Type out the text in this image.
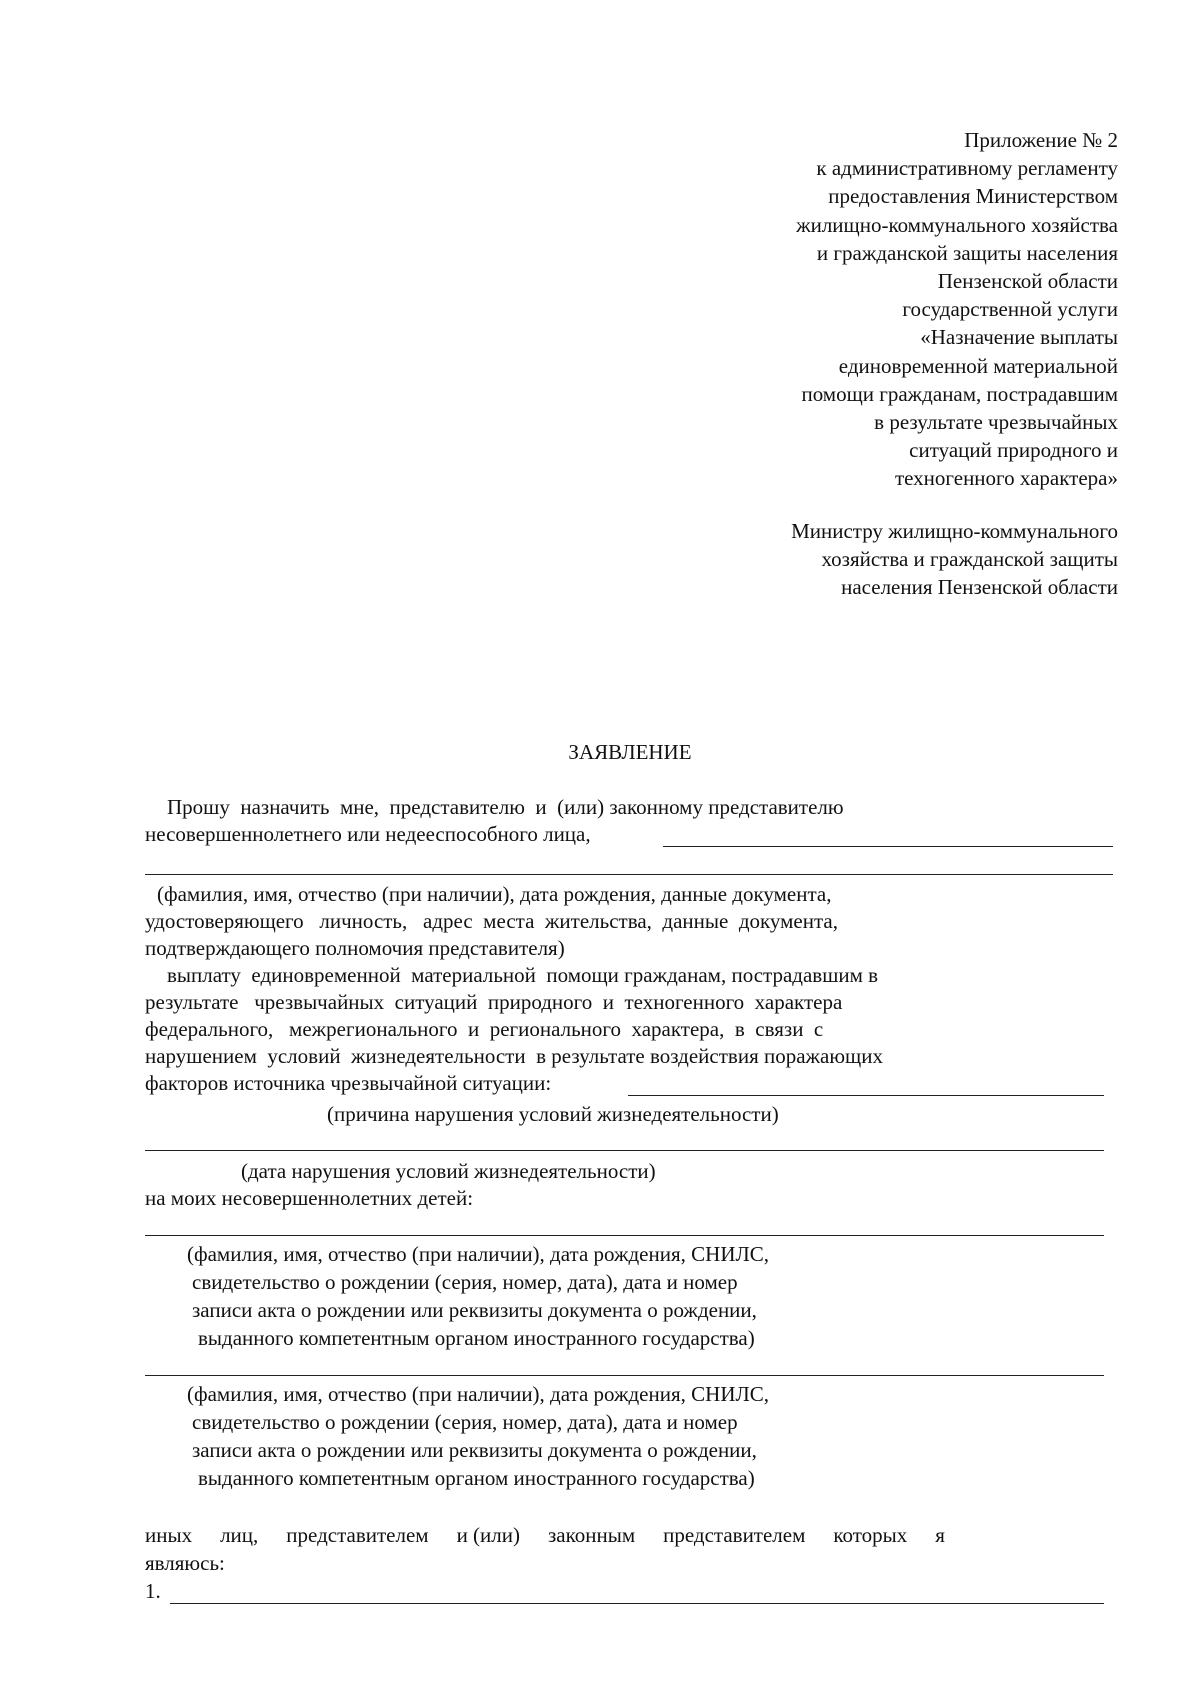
Приложение № 2
к административному регламенту
предоставления Министерством
жилищно-коммунального хозяйства
и гражданской защиты населения
Пензенской области
государственной услуги
«Назначение выплаты
единовременной материальной
помощи гражданам, пострадавшим
в результате чрезвычайных
ситуаций природного и
техногенного характера»
Министру жилищно-коммунального
хозяйства и гражданской защиты
населения Пензенской области
ЗАЯВЛЕНИЕ
Прошу  назначить  мне,  представителю  и  (или) законному представителю
несовершеннолетнего или недееспособного лица,
(фамилия, имя, отчество (при наличии), дата рождения, данные документа,
удостоверяющего   личность,   адрес  места  жительства,  данные  документа,
подтверждающего полномочия представителя)
выплату  единовременной  материальной  помощи гражданам, пострадавшим в
результате   чрезвычайных  ситуаций  природного  и  техногенного  характера
федерального,   межрегионального  и  регионального  характера,  в  связи  с
нарушением  условий  жизнедеятельности  в результате воздействия поражающих
факторов источника чрезвычайной ситуации:
(причина нарушения условий жизнедеятельности)
(дата нарушения условий жизнедеятельности)
на моих несовершеннолетних детей:
(фамилия, имя, отчество (при наличии), дата рождения, СНИЛС,
свидетельство о рождении (серия, номер, дата), дата и номер
записи акта о рождении или реквизиты документа о рождении,
выданного компетентным органом иностранного государства)
(фамилия, имя, отчество (при наличии), дата рождения, СНИЛС,
свидетельство о рождении (серия, номер, дата), дата и номер
записи акта о рождении или реквизиты документа о рождении,
выданного компетентным органом иностранного государства)
иных лиц, представителем и (или) законным представителем которых я
являюсь:
1.
